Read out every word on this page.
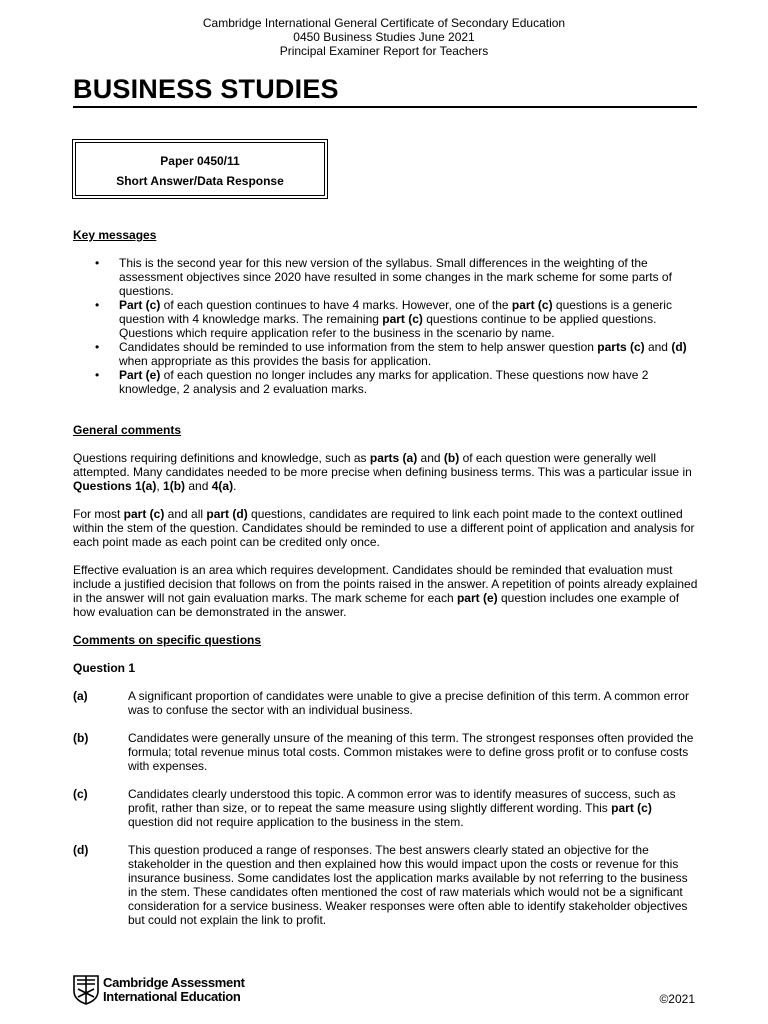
Cambridge International General Certificate of Secondary Education
0450 Business Studies June 2021
Principal Examiner Report for Teachers
BUSINESS STUDIES
Paper 0450/11
Short Answer/Data Response
Key messages
• This is the second year for this new version of the syllabus. Small differences in the weighting of the assessment objectives since 2020 have resulted in some changes in the mark scheme for some parts of questions.
• Part (c) of each question continues to have 4 marks. However, one of the part (c) questions is a generic question with 4 knowledge marks. The remaining part (c) questions continue to be applied questions. Questions which require application refer to the business in the scenario by name.
• Candidates should be reminded to use information from the stem to help answer question parts (c) and (d) when appropriate as this provides the basis for application.
• Part (e) of each question no longer includes any marks for application. These questions now have 2 knowledge, 2 analysis and 2 evaluation marks.
General comments
Questions requiring definitions and knowledge, such as parts (a) and (b) of each question were generally well attempted. Many candidates needed to be more precise when defining business terms. This was a particular issue in Questions 1(a), 1(b) and 4(a).
For most part (c) and all part (d) questions, candidates are required to link each point made to the context outlined within the stem of the question. Candidates should be reminded to use a different point of application and analysis for each point made as each point can be credited only once.
Effective evaluation is an area which requires development. Candidates should be reminded that evaluation must include a justified decision that follows on from the points raised in the answer. A repetition of points already explained in the answer will not gain evaluation marks. The mark scheme for each part (e) question includes one example of how evaluation can be demonstrated in the answer.
Comments on specific questions
Question 1
(a)	A significant proportion of candidates were unable to give a precise definition of this term. A common error was to confuse the sector with an individual business.
(b)	Candidates were generally unsure of the meaning of this term. The strongest responses often provided the formula; total revenue minus total costs. Common mistakes were to define gross profit or to confuse costs with expenses.
(c)	Candidates clearly understood this topic. A common error was to identify measures of success, such as profit, rather than size, or to repeat the same measure using slightly different wording. This part (c) question did not require application to the business in the stem.
(d)	This question produced a range of responses. The best answers clearly stated an objective for the stakeholder in the question and then explained how this would impact upon the costs or revenue for this insurance business. Some candidates lost the application marks available by not referring to the business in the stem. These candidates often mentioned the cost of raw materials which would not be a significant consideration for a service business. Weaker responses were often able to identify stakeholder objectives but could not explain the link to profit.
Cambridge Assessment
International Education	©2021
